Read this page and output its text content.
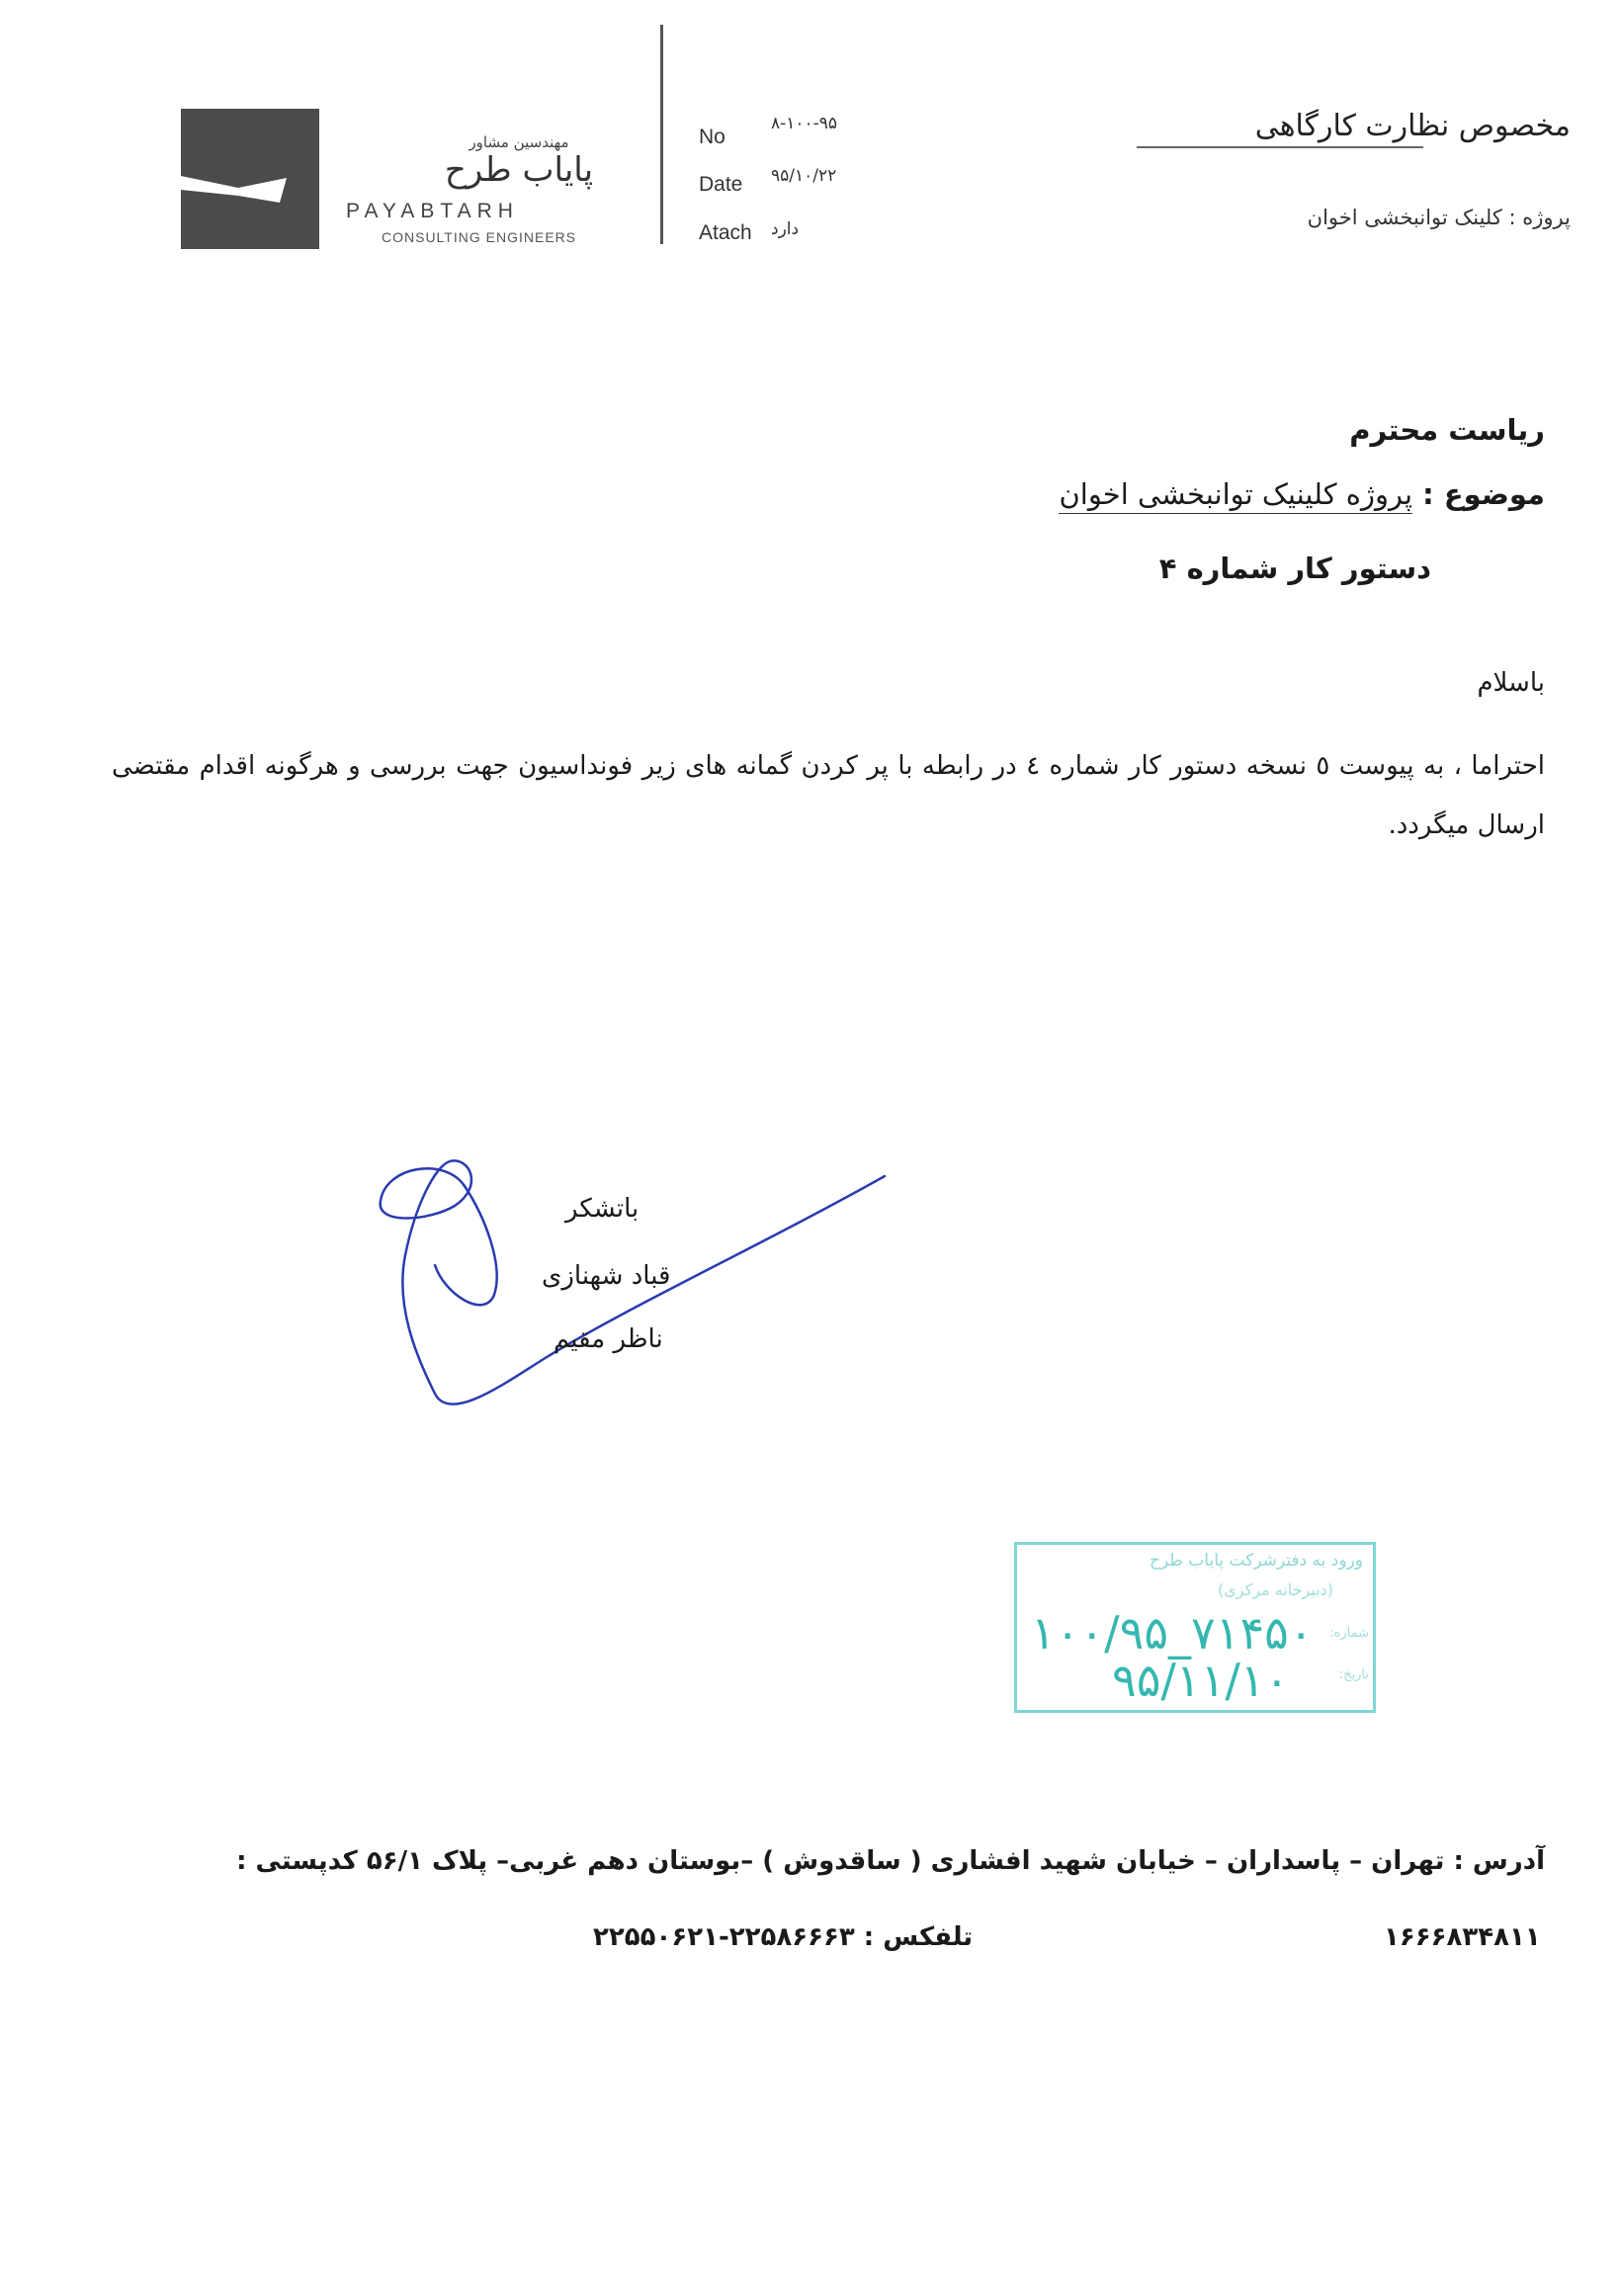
مهندسین مشاور
پایاب طرح
PAYABTARH
CONSULTING ENGINEERS
No
۸-۱۰۰-۹۵
Date ۹۵/۱۰/۲۲
Atach دارد
مخصوص نظارت کارگاهی
پروژه : کلینک توانبخشی اخوان
ریاست محترم
موضوع : پروژه کلینیک توانبخشی اخوان
دستور کار شماره ۴
باسلام
احتراما ، به پیوست ٥ نسخه دستور کار شماره ٤ در رابطه با پر کردن گمانه های زیر فونداسیون جهت بررسی و هرگونه اقدام مقتضی ارسال میگردد.
باتشکر
قباد شهنازی
ناظر مقیم
ورود به دفترشرکت پایاب طرح
(دبیرخانه مرکزی)
شماره:
تاریخ:
۱۰۰/۹۵_۷۱۴۵۰
۹۵/۱۱/۱۰
آدرس : تهران – پاسداران – خیابان شهید افشاری ( ساقدوش ) –بوستان دهم غربی– پلاک ۵۶/۱ کدپستی :
۱۶۶۶۸۳۴۸۱۱
تلفکس : ۲۲۵۸۶۶۶۳-۲۲۵۵۰۶۲۱
